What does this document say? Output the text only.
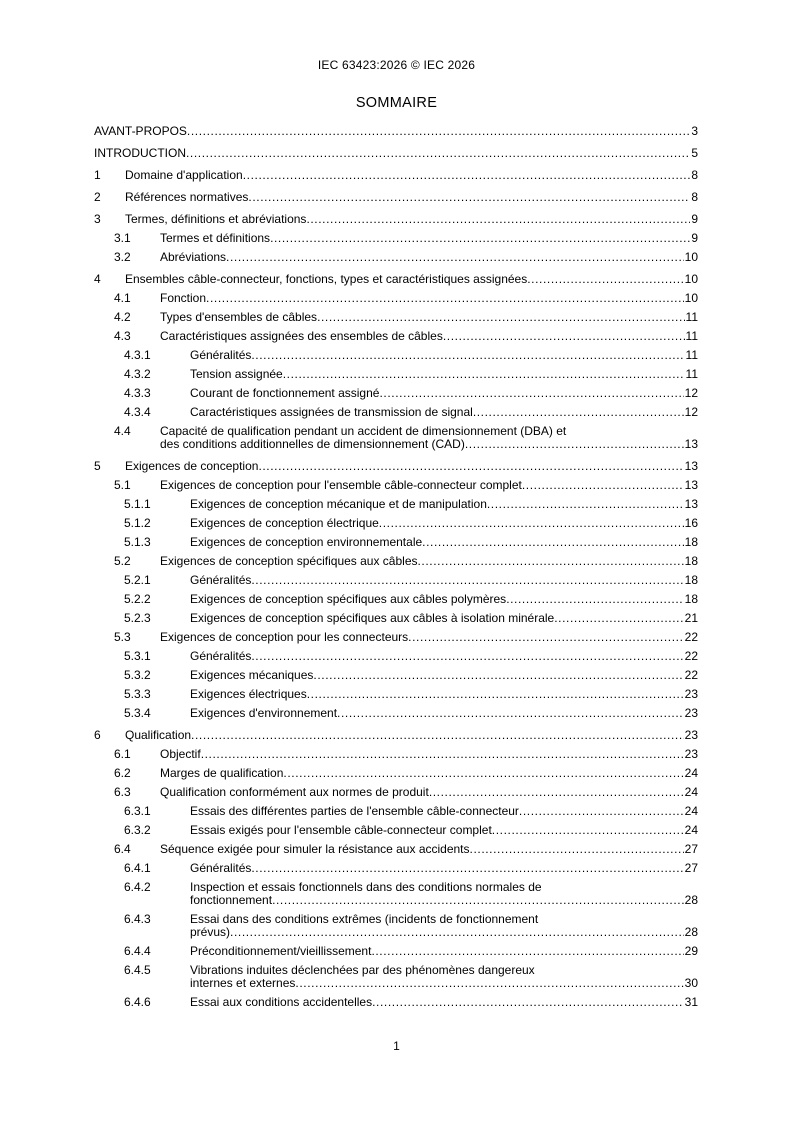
IEC 63423:2026 © IEC 2026
SOMMAIRE
AVANT-PROPOS .....	3
INTRODUCTION .....	5
1	Domaine d'application .....	8
2	Références normatives .....	8
3	Termes, définitions et abréviations .....	9
3.1	Termes et définitions .....	9
3.2	Abréviations .....	10
4	Ensembles câble-connecteur, fonctions, types et caractéristiques assignées .....	10
4.1	Fonction .....	10
4.2	Types d'ensembles de câbles .....	11
4.3	Caractéristiques assignées des ensembles de câbles .....	11
4.3.1	Généralités .....	11
4.3.2	Tension assignée .....	11
4.3.3	Courant de fonctionnement assigné .....	12
4.3.4	Caractéristiques assignées de transmission de signal .....	12
4.4	Capacité de qualification pendant un accident de dimensionnement (DBA) et
des conditions additionnelles de dimensionnement (CAD) .....	13
5	Exigences de conception .....	13
5.1	Exigences de conception pour l'ensemble câble-connecteur complet .....	13
5.1.1	Exigences de conception mécanique et de manipulation .....	13
5.1.2	Exigences de conception électrique .....	16
5.1.3	Exigences de conception environnementale .....	18
5.2	Exigences de conception spécifiques aux câbles .....	18
5.2.1	Généralités .....	18
5.2.2	Exigences de conception spécifiques aux câbles polymères .....	18
5.2.3	Exigences de conception spécifiques aux câbles à isolation minérale .....	21
5.3	Exigences de conception pour les connecteurs .....	22
5.3.1	Généralités .....	22
5.3.2	Exigences mécaniques .....	22
5.3.3	Exigences électriques .....	23
5.3.4	Exigences d'environnement .....	23
6	Qualification .....	23
6.1	Objectif .....	23
6.2	Marges de qualification .....	24
6.3	Qualification conformément aux normes de produit .....	24
6.3.1	Essais des différentes parties de l'ensemble câble-connecteur .....	24
6.3.2	Essais exigés pour l'ensemble câble-connecteur complet .....	24
6.4	Séquence exigée pour simuler la résistance aux accidents .....	27
6.4.1	Généralités .....	27
6.4.2	Inspection et essais fonctionnels dans des conditions normales de
fonctionnement .....	28
6.4.3	Essai dans des conditions extrêmes (incidents de fonctionnement
prévus) .....	28
6.4.4	Préconditionnement/vieillissement .....	29
6.4.5	Vibrations induites déclenchées par des phénomènes dangereux
internes et externes .....	30
6.4.6	Essai aux conditions accidentelles .....	31
1
